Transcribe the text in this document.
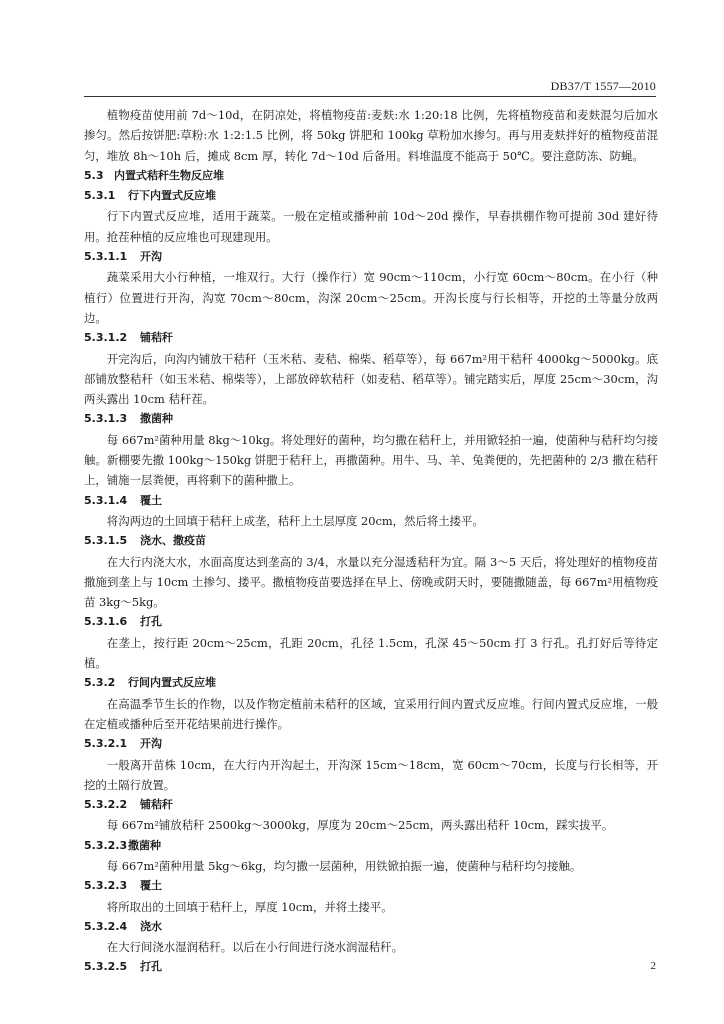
DB37/T 1557—2010

植物疫苗使用前 7d～10d，在阴凉处，将植物疫苗:麦麸:水 1:20:18 比例，先将植物疫苗和麦麸混匀后加水掺匀。然后按饼肥:草粉:水 1:2:1.5 比例，将 50kg 饼肥和 100kg 草粉加水掺匀。再与用麦麸拌好的植物疫苗混匀，堆放 8h～10h 后，摊成 8cm 厚，转化 7d～10d 后备用。料堆温度不能高于 50℃。要注意防冻、防蝇。

5.3 内置式秸秆生物反应堆

5.3.1 行下内置式反应堆

行下内置式反应堆，适用于蔬菜。一般在定植或播种前 10d～20d 操作，早春拱棚作物可提前 30d 建好待用。抢茬种植的反应堆也可现建现用。

5.3.1.1 开沟

蔬菜采用大小行种植，一堆双行。大行（操作行）宽 90cm～110cm，小行宽 60cm～80cm。在小行（种植行）位置进行开沟，沟宽 70cm～80cm，沟深 20cm～25cm。开沟长度与行长相等，开挖的土等量分放两边。

5.3.1.2 铺秸秆

开完沟后，向沟内铺放干秸秆（玉米秸、麦秸、棉柴、稻草等），每 667m²用干秸秆 4000kg～5000kg。底部铺放整秸秆（如玉米秸、棉柴等），上部放碎软秸秆（如麦秸、稻草等）。铺完踏实后，厚度 25cm～30cm，沟两头露出 10cm 秸秆茬。

5.3.1.3 撒菌种

每 667m²菌种用量 8kg～10kg。将处理好的菌种，均匀撒在秸秆上，并用锨轻拍一遍，使菌种与秸秆均匀接触。新棚要先撒 100kg～150kg 饼肥于秸秆上，再撒菌种。用牛、马、羊、兔粪便的，先把菌种的 2/3 撒在秸秆上，铺施一层粪便，再将剩下的菌种撒上。

5.3.1.4 覆土

将沟两边的土回填于秸秆上成垄，秸秆上土层厚度 20cm，然后将土搂平。

5.3.1.5 浇水、撒疫苗

在大行内浇大水，水面高度达到垄高的 3/4，水量以充分湿透秸秆为宜。隔 3～5 天后，将处理好的植物疫苗撒施到垄上与 10cm 土掺匀、搂平。撒植物疫苗要选择在早上、傍晚或阴天时，要随撒随盖，每 667m²用植物疫苗 3kg～5kg。

5.3.1.6 打孔

在垄上，按行距 20cm～25cm，孔距 20cm，孔径 1.5cm，孔深 45～50cm 打 3 行孔。孔打好后等待定植。

5.3.2 行间内置式反应堆

在高温季节生长的作物，以及作物定植前未秸秆的区域，宜采用行间内置式反应堆。行间内置式反应堆，一般在定植或播种后至开花结果前进行操作。

5.3.2.1 开沟

一般离开苗株 10cm，在大行内开沟起土，开沟深 15cm～18cm，宽 60cm～70cm，长度与行长相等，开挖的土隔行放置。

5.3.2.2 铺秸秆

每 667m²铺放秸秆 2500kg～3000kg，厚度为 20cm～25cm，两头露出秸秆 10cm，踩实拔平。

5.3.2.3撒菌种

每 667m²菌种用量 5kg～6kg，均匀撒一层菌种，用铁锨拍振一遍，使菌种与秸秆均匀接触。

5.3.2.3 覆土

将所取出的土回填于秸秆上，厚度 10cm，并将土搂平。

5.3.2.4 浇水

在大行间浇水湿润秸秆。以后在小行间进行浇水润湿秸秆。

5.3.2.5 打孔	2
